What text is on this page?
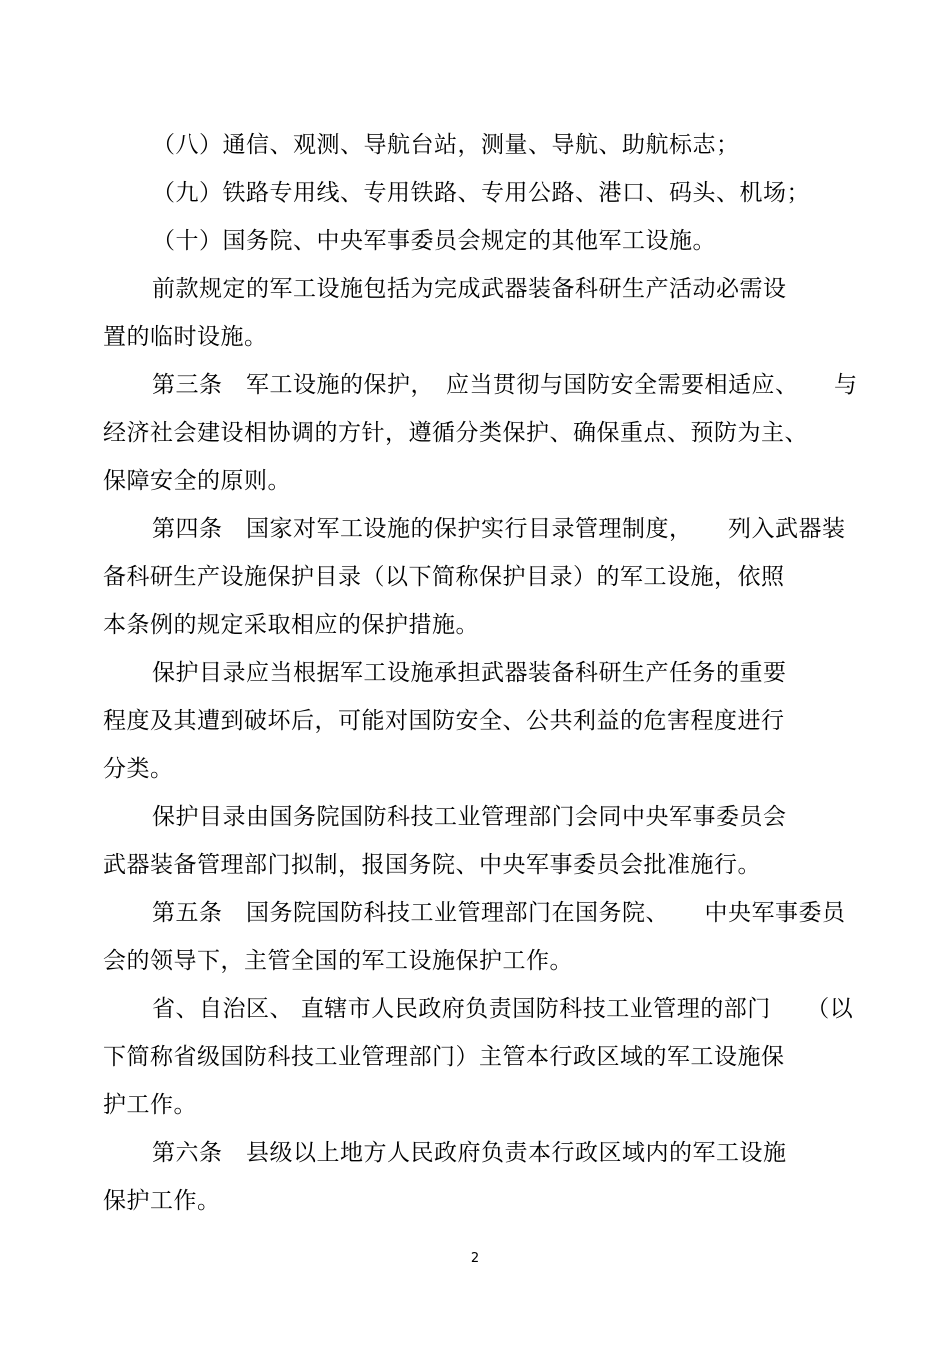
（八）通信、观测、导航台站，测量、导航、助航标志；
（九）铁路专用线、专用铁路、专用公路、港口、码头、机场；
（十）国务院、中央军事委员会规定的其他军工设施。
前款规定的军工设施包括为完成武器装备科研生产活动必需设
置的临时设施。
第三条　军工设施的保护，　应当贯彻与国防安全需要相适应、　　与
经济社会建设相协调的方针，遵循分类保护、确保重点、预防为主、
保障安全的原则。
第四条　国家对军工设施的保护实行目录管理制度，　　列入武器装
备科研生产设施保护目录（以下简称保护目录）的军工设施，依照
本条例的规定采取相应的保护措施。
保护目录应当根据军工设施承担武器装备科研生产任务的重要
程度及其遭到破坏后，可能对国防安全、公共利益的危害程度进行
分类。
保护目录由国务院国防科技工业管理部门会同中央军事委员会
武器装备管理部门拟制，报国务院、中央军事委员会批准施行。
第五条　国务院国防科技工业管理部门在国务院、　　中央军事委员
会的领导下，主管全国的军工设施保护工作。
省、自治区、 直辖市人民政府负责国防科技工业管理的部门　　（以
下简称省级国防科技工业管理部门）主管本行政区域的军工设施保
护工作。
第六条　县级以上地方人民政府负责本行政区域内的军工设施
保护工作。
2
